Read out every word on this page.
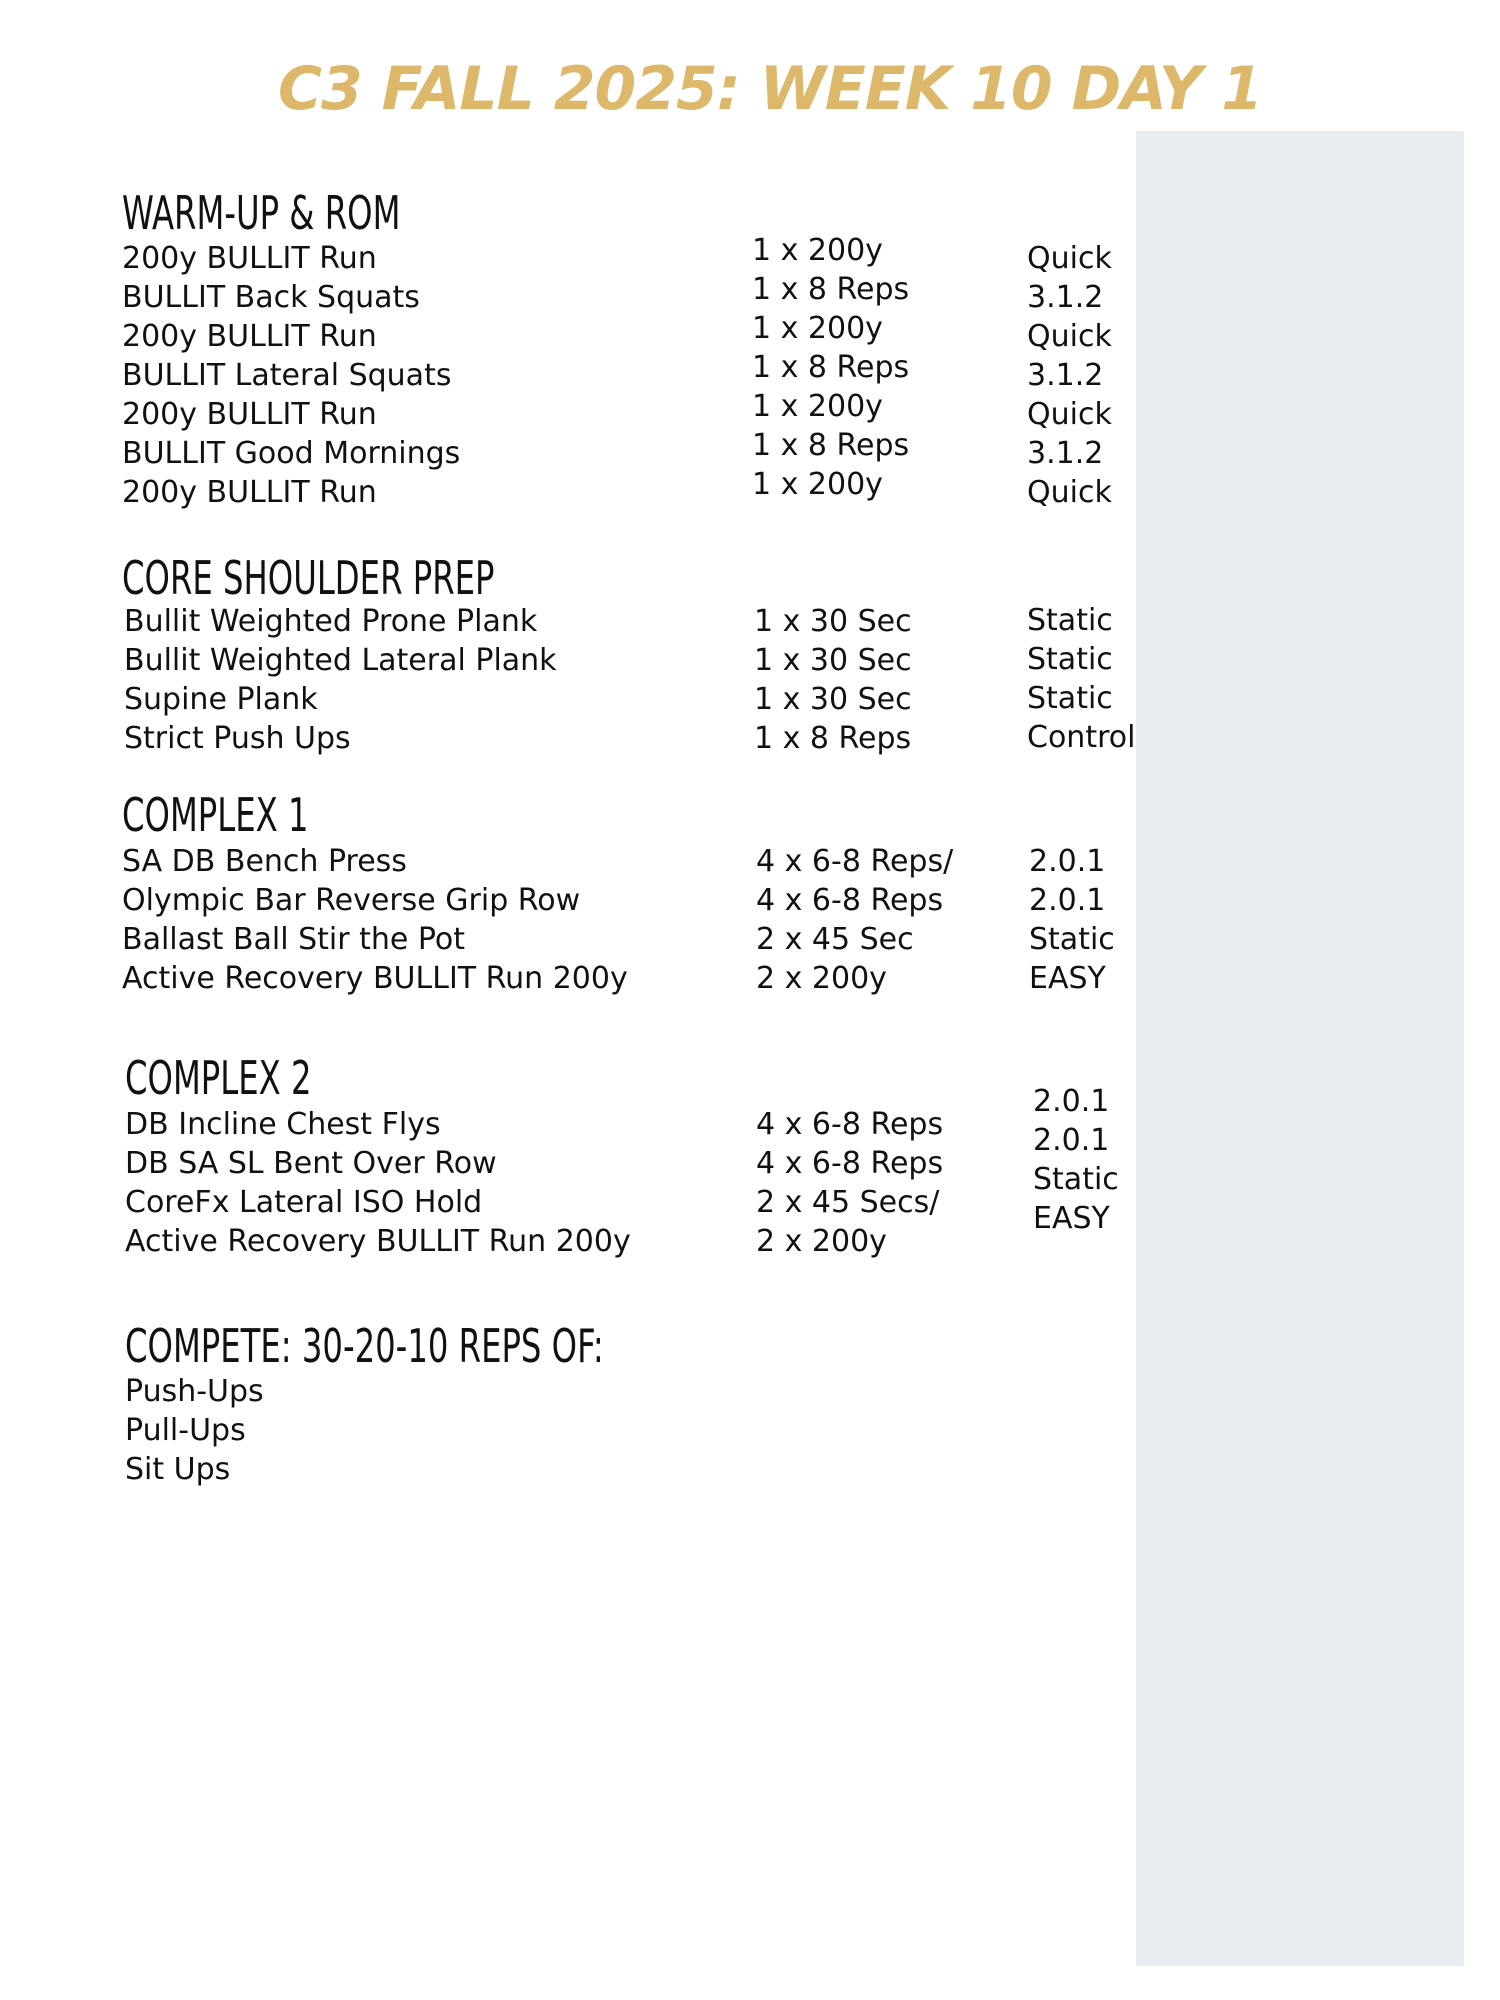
C3 FALL 2025: WEEK 10 DAY 1
WARM-UP & ROM
200y BULLIT Run
BULLIT Back Squats
200y BULLIT Run
BULLIT Lateral Squats
200y BULLIT Run
BULLIT Good Mornings
200y BULLIT Run
1 x 200y
1 x 8 Reps
1 x 200y
1 x 8 Reps
1 x 200y
1 x 8 Reps
1 x 200y
Quick
3.1.2
Quick
3.1.2
Quick
3.1.2
Quick
CORE SHOULDER PREP
Bullit Weighted Prone Plank
Bullit Weighted Lateral Plank
Supine Plank
Strict Push Ups
1 x 30 Sec
1 x 30 Sec
1 x 30 Sec
1 x 8 Reps
Static
Static
Static
Control
COMPLEX 1
SA DB Bench Press
Olympic Bar Reverse Grip Row
Ballast Ball Stir the Pot
Active Recovery BULLIT Run 200y
4 x 6-8 Reps/
4 x 6-8 Reps
2 x 45 Sec
2 x 200y
2.0.1
2.0.1
Static
EASY
COMPLEX 2
DB Incline Chest Flys
DB SA SL Bent Over Row
CoreFx Lateral ISO Hold
Active Recovery BULLIT Run 200y
4 x 6-8 Reps
4 x 6-8 Reps
2 x 45 Secs/
2 x 200y
2.0.1
2.0.1
Static
EASY
COMPETE: 30-20-10 REPS OF:
Push-Ups
Pull-Ups
Sit Ups
